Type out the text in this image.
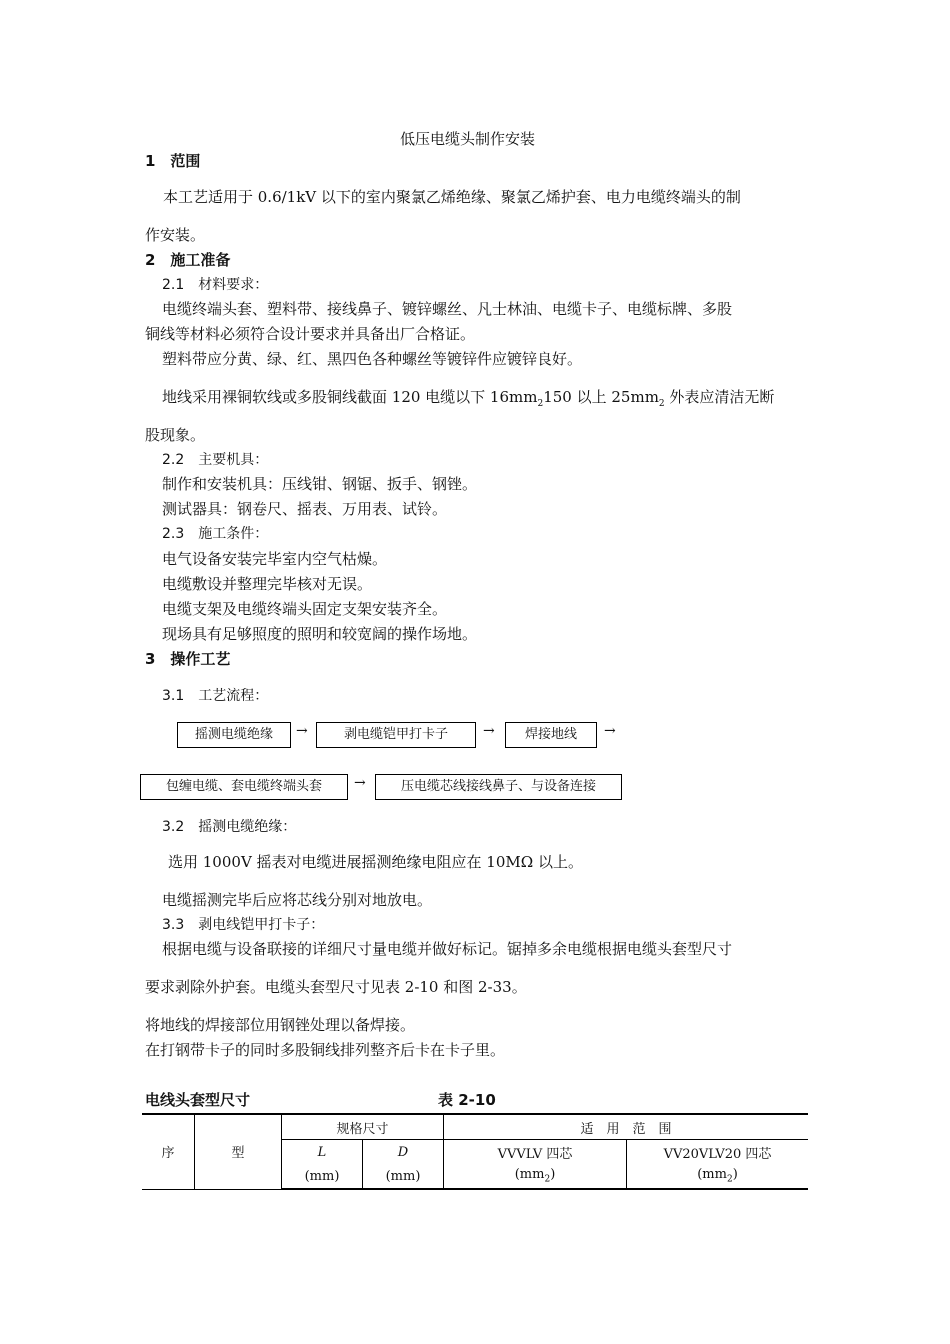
低压电缆头制作安装
1　范围
本工艺适用于 0.6/1kV 以下的室内聚氯乙烯绝缘、聚氯乙烯护套、电力电缆终端头的制
作安装。
2　施工准备
2.1　材料要求：
电缆终端头套、塑料带、接线鼻子、镀锌螺丝、凡士林油、电缆卡子、电缆标牌、多股
铜线等材料必须符合设计要求并具备出厂合格证。
塑料带应分黄、绿、红、黑四色各种螺丝等镀锌件应镀锌良好。
地线采用裸铜软线或多股铜线截面 120 电缆以下 $16mm_2150$ 以上 $25mm_2$ 外表应清洁无断
股现象。
2.2　主要机具：
制作和安装机具：压线钳、钢锯、扳手、钢锉。
测试器具：钢卷尺、摇表、万用表、试铃。
2.3　施工条件：
电气设备安装完毕室内空气枯燥。
电缆敷设并整理完毕核对无误。
电缆支架及电缆终端头固定支架安装齐全。
现场具有足够照度的照明和较宽阔的操作场地。
3　操作工艺
3.1　工艺流程：
摇测电缆绝缘	→	剥电缆铠甲打卡子	→	焊接地线	→
包缠电缆、套电缆终端头套	→	压电缆芯线接线鼻子、与设备连接
3.2　摇测电缆绝缘：
选用 1000V 摇表对电缆进展摇测绝缘电阻应在 10MΩ 以上。
电缆摇测完毕后应将芯线分别对地放电。
3.3　剥电线铠甲打卡子：
根据电缆与设备联接的详细尺寸量电缆并做好标记。锯掉多余电缆根据电缆头套型尺寸
要求剥除外护套。电缆头套型尺寸见表 2-10 和图 2-33。
将地线的焊接部位用钢锉处理以备焊接。
在打钢带卡子的同时多股铜线排列整齐后卡在卡子里。
电线头套型尺寸	表 2-10
序	型	规格尺寸		适　用　范　围	
		L	D	VVVLV 四芯	VV20VLV20 四芯
		(mm)	(mm)	$(mm_2)$	$(mm_2)$
